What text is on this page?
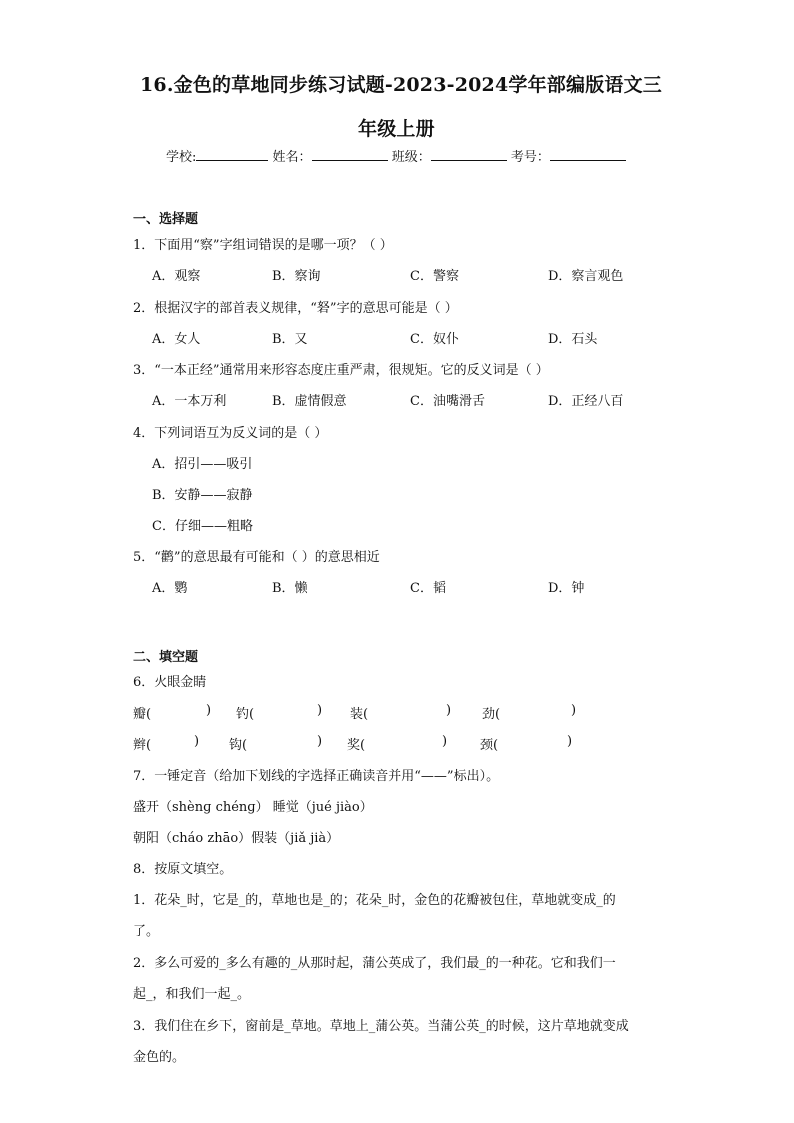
16.金色的草地同步练习试题-2023-2024学年部编版语文三
年级上册
学校:	姓名：	班级：	考号：
一、选择题
1．下面用“察”字组词错误的是哪一项？（ ）
A．观察	B．察询	C．警察	D．察言观色
2．根据汉字的部首表义规律，“砮”字的意思可能是（ ）
A．女人	B．又	C．奴仆	D．石头
3．“一本正经”通常用来形容态度庄重严肃，很规矩。它的反义词是（ ）
A．一本万利	B．虚情假意	C．油嘴滑舌	D．正经八百
4．下列词语互为反义词的是（ ）
A．招引——吸引
B．安静——寂静
C．仔细——粗略
5．“鹳”的意思最有可能和（ ）的意思相近
A．鹦	B．懒	C．韬	D．钟
二、填空题
6．火眼金睛
瓣(	) 钓(	) 装(	) 劲(	)
辫(	) 钩(	) 奖(	)	颈(	)
7．一锤定音（给加下划线的字选择正确读音并用“——”标出）。
盛开（shènɡ chénɡ） 睡觉（jué jiào）
朝阳（cháo zhāo）假装（jiǎ jià）
8．按原文填空。
1．花朵_时，它是_的，草地也是_的；花朵_时，金色的花瓣被包住，草地就变成_的
了。
2．多么可爱的_多么有趣的_从那时起，蒲公英成了，我们最_的一种花。它和我们一
起_，和我们一起_。
3．我们住在乡下，窗前是_草地。草地上_蒲公英。当蒲公英_的时候，这片草地就变成
金色的。
